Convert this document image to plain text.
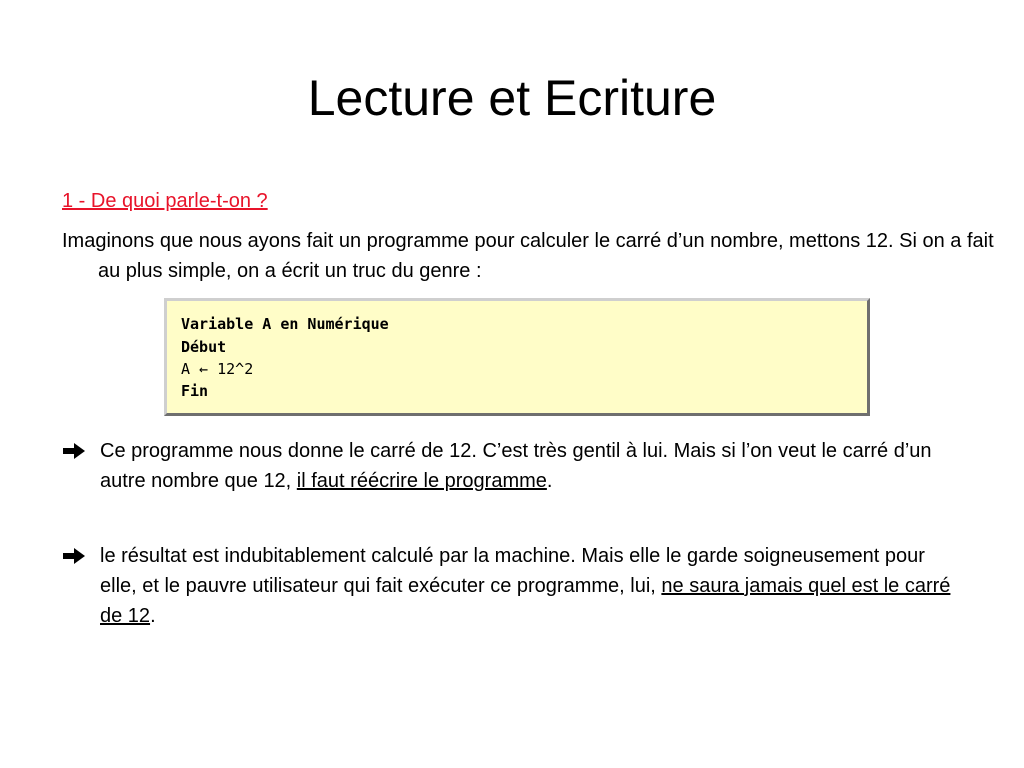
Lecture et Ecriture
1 - De quoi parle-t-on ?
Imaginons que nous ayons fait un programme pour calculer le carré d’un nombre, mettons 12. Si on a fait au plus simple, on a écrit un truc du genre :
Variable A en Numérique
Début
A ← 12^2
Fin
Ce programme nous donne le carré de 12. C’est très gentil à lui. Mais si l’on veut le carré d’un autre nombre que 12, il faut réécrire le programme.
le résultat est indubitablement calculé par la machine. Mais elle le garde soigneusement pour elle, et le pauvre utilisateur qui fait exécuter ce programme, lui, ne saura jamais quel est le carré de 12.
